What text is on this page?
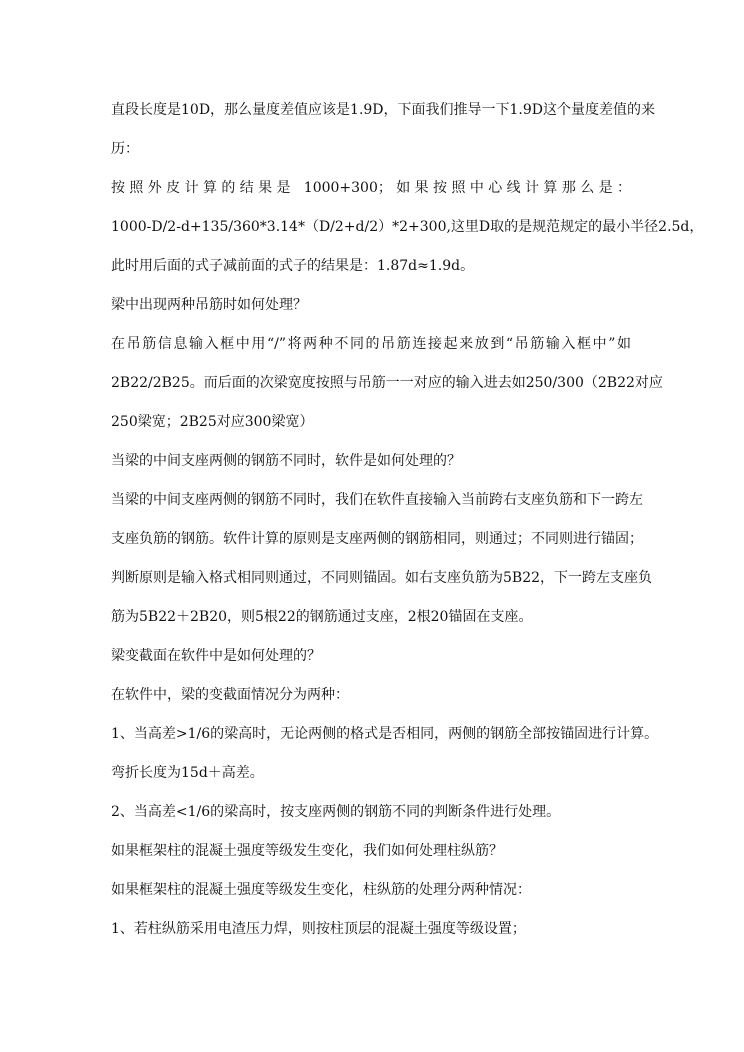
直段长度是10D，那么量度差值应该是1.9D，下面我们推导一下1.9D这个量度差值的来
历：
按照外皮计算的结果是 1000+300；如果按照中心线计算那么是：
1000-D/2-d+135/360*3.14*（D/2+d/2）*2+300,这里D取的是规范规定的最小半径2.5d，
此时用后面的式子减前面的式子的结果是：1.87d≈1.9d。
梁中出现两种吊筋时如何处理？
在吊筋信息输入框中用“/”将两种不同的吊筋连接起来放到“吊筋输入框中”如
2B22/2B25。而后面的次梁宽度按照与吊筋一一对应的输入进去如250/300（2B22对应
250梁宽；2B25对应300梁宽）
当梁的中间支座两侧的钢筋不同时，软件是如何处理的？
当梁的中间支座两侧的钢筋不同时，我们在软件直接输入当前跨右支座负筋和下一跨左
支座负筋的钢筋。软件计算的原则是支座两侧的钢筋相同，则通过；不同则进行锚固；
判断原则是输入格式相同则通过，不同则锚固。如右支座负筋为5B22，下一跨左支座负
筋为5B22＋2B20，则5根22的钢筋通过支座，2根20锚固在支座。
梁变截面在软件中是如何处理的？
在软件中，梁的变截面情况分为两种：
1、当高差>1/6的梁高时，无论两侧的格式是否相同，两侧的钢筋全部按锚固进行计算。
弯折长度为15d＋高差。
2、当高差<1/6的梁高时，按支座两侧的钢筋不同的判断条件进行处理。
如果框架柱的混凝土强度等级发生变化，我们如何处理柱纵筋？
如果框架柱的混凝土强度等级发生变化，柱纵筋的处理分两种情况：
1、若柱纵筋采用电渣压力焊，则按柱顶层的混凝土强度等级设置；
